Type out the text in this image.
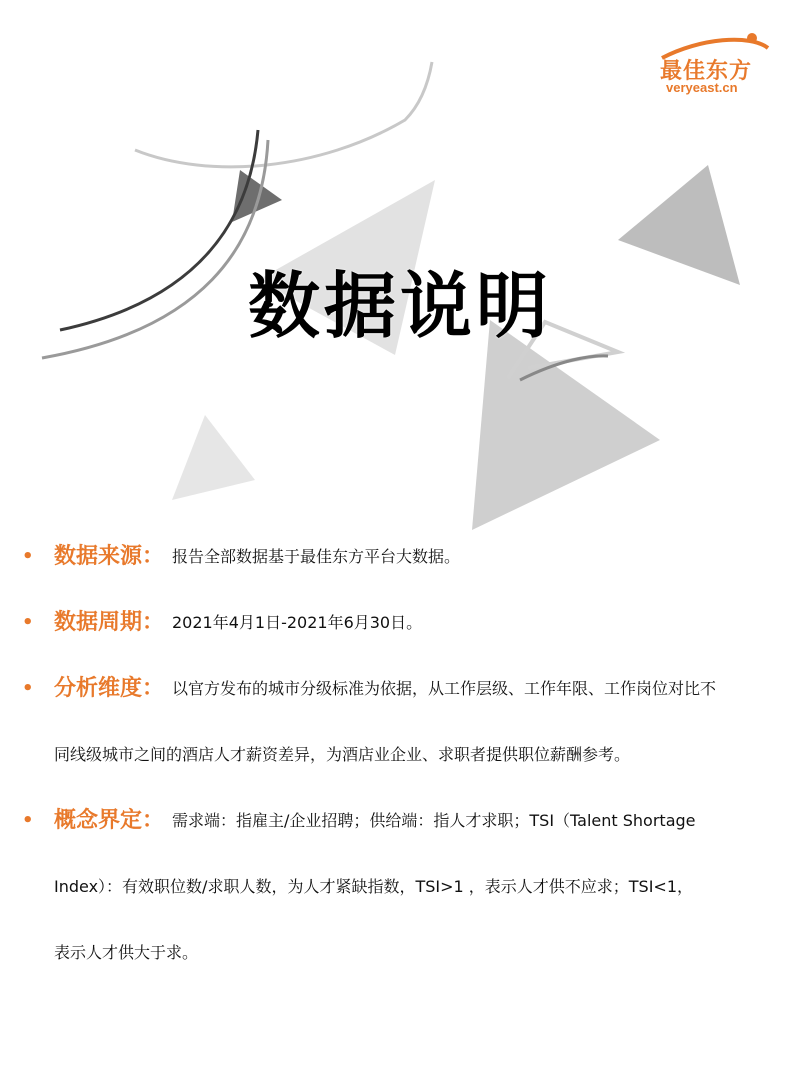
最佳东方
veryeast.cn
数据说明
• 数据来源： 报告全部数据基于最佳东方平台大数据。
• 数据周期： 2021年4月1日-2021年6月30日。
• 分析维度： 以官方发布的城市分级标准为依据，从工作层级、工作年限、工作岗位对比不
同线级城市之间的酒店人才薪资差异，为酒店业企业、求职者提供职位薪酬参考。
• 概念界定： 需求端：指雇主/企业招聘；供给端：指人才求职；TSI（Talent Shortage
Index）：有效职位数/求职人数，为人才紧缺指数，TSI>1 ，表示人才供不应求；TSI<1，
表示人才供大于求。
